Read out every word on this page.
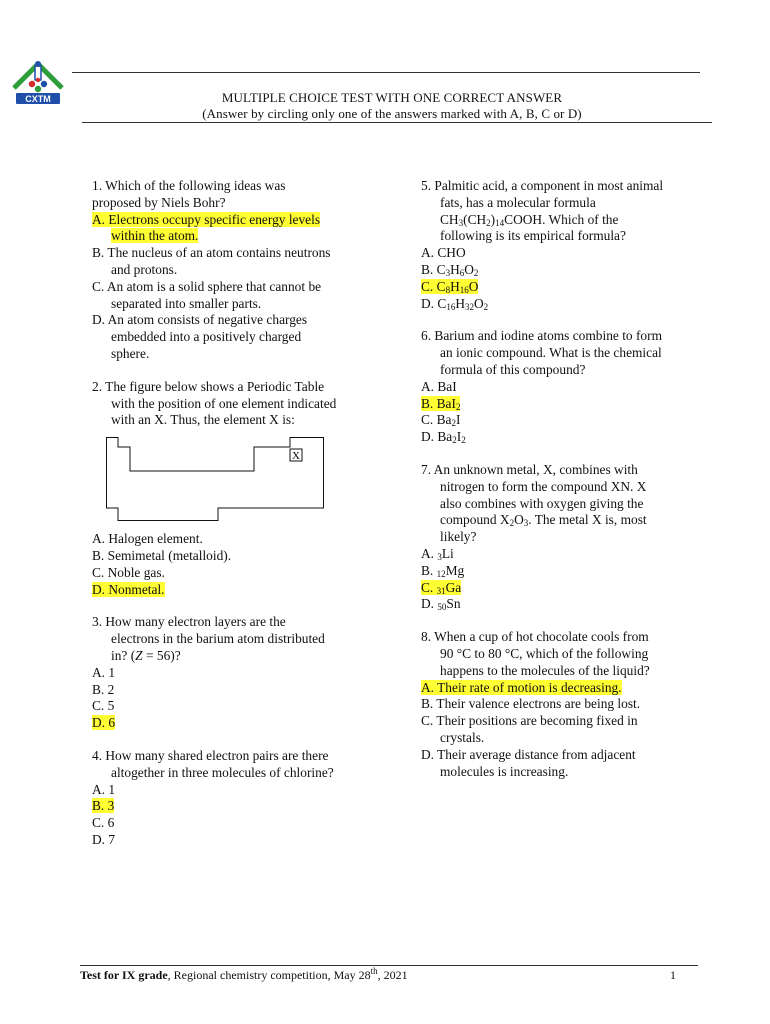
CXTM	MULTIPLE CHOICE TEST WITH ONE CORRECT ANSWER
(Answer by circling only one of the answers marked with A, B, C or D)
1. Which of the following ideas was
proposed by Niels Bohr?
A. Electrons occupy specific energy levels
within the atom.
B. The nucleus of an atom contains neutrons
and protons.
C. An atom is a solid sphere that cannot be
separated into smaller parts.
D. An atom consists of negative charges
embedded into a positively charged
sphere.
2. The figure below shows a Periodic Table
with the position of one element indicated
with an X. Thus, the element X is:
X
A. Halogen element.
B. Semimetal (metalloid).
C. Noble gas.
D. Nonmetal.
3. How many electron layers are the
electrons in the barium atom distributed
in? (Z = 56)?
A. 1
B. 2
C. 5
D. 6
4. How many shared electron pairs are there
altogether in three molecules of chlorine?
A. 1
B. 3
C. 6
D. 7
5. Palmitic acid, a component in most animal
fats, has a molecular formula
$CH_3(CH_2)_{14}COOH$. Which of the
following is its empirical formula?
A. CHO
B. $C_3H_6O_2$
C. $C_8H_{16}O$
D. $C_{16}H_{32}O_2$
6. Barium and iodine atoms combine to form
an ionic compound. What is the chemical
formula of this compound?
A. BaI
B. BaI$_2$
C. $Ba_2I$
D. $Ba_2I_2$
7. An unknown metal, X, combines with
nitrogen to form the compound XN. X
also combines with oxygen giving the
compound $X_2O_3$. The metal X is, most
likely?
A. $_3$Li
B. $_{12}$Mg
C. $_{31}$Ga
D. $_{50}$Sn
8. When a cup of hot chocolate cools from
90 °C to 80 °C, which of the following
happens to the molecules of the liquid?
A. Their rate of motion is decreasing.
B. Their valence electrons are being lost.
C. Their positions are becoming fixed in
crystals.
D. Their average distance from adjacent
molecules is increasing.
Test for IX grade, Regional chemistry competition, May 28th, 2021	1
